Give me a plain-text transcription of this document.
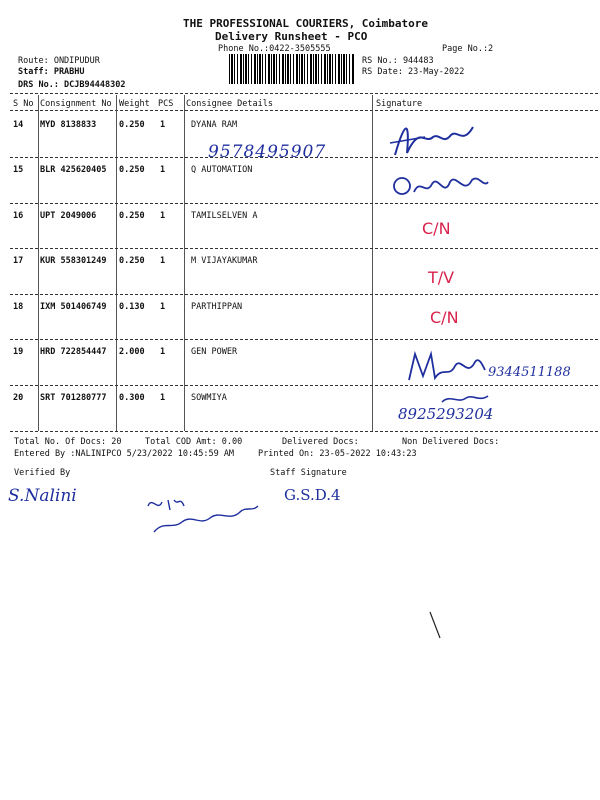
THE PROFESSIONAL COURIERS, Coimbatore
Delivery Runsheet - PCO
Phone No.:0422-3505555	Page No.:2
Route: ONDIPUDUR
Staff: PRABHU
DRS No.: DCJB94448302
RS No.: 944483
RS Date: 23-May-2022
S No Consignment No Weight PCS Consignee Details	Signature
14 MYD 8138833	0.250 1	DYANA RAM
9578495907
15 BLR 425620405 0.250 1	Q AUTOMATION
16 UPT 2049006	0.250 1	TAMILSELVEN A
C/N
17 KUR 558301249 0.250 1	M VIJAYAKUMAR
T/V
18 IXM 501406749 0.130 1	PARTHIPPAN
C/N
19 HRD 722854447 2.000 1	GEN POWER
9344511188
20 SRT 701280777 0.300 1	SOWMIYA
8925293204
Total No. Of Docs: 20	Total COD Amt: 0.00	Delivered Docs:	Non Delivered Docs:
Entered By :NALINIPCO 5/23/2022 10:45:59 AM	Printed On: 23-05-2022 10:43:23
Verified By	Staff Signature
S.Nalini	G.S.D.4
